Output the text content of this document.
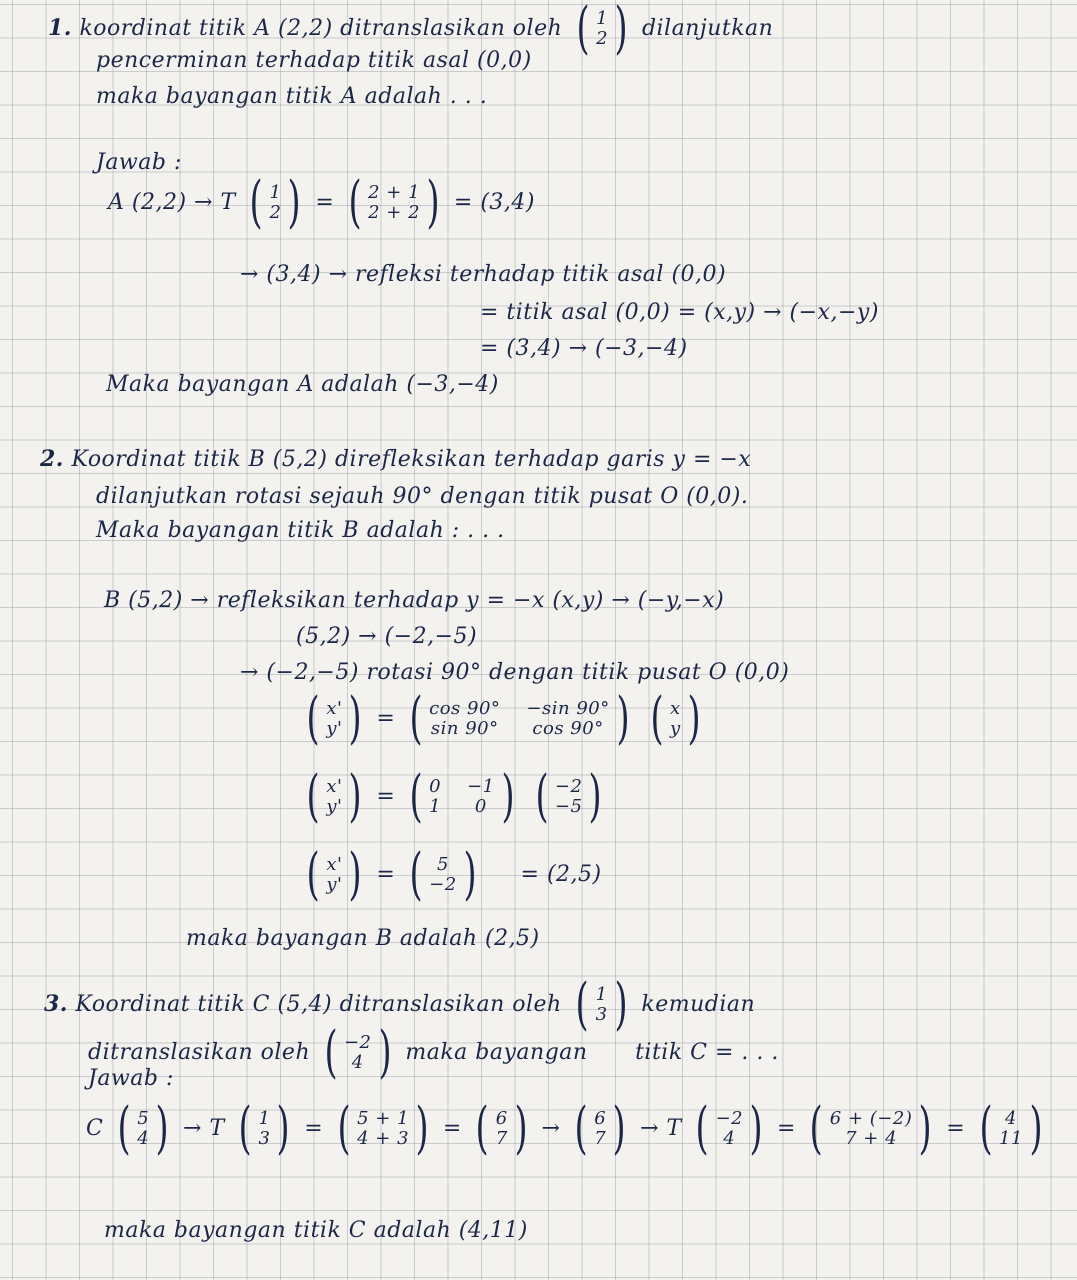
1. koordinat titik A (2,2) ditranslasikan oleh ( 1
2 ) dilanjutkan
pencerminan terhadap titik asal (0,0)
maka bayangan titik A adalah . . .
Jawab :
A (2,2) → T ( 1
2 ) = ( 2 + 1
2 + 2 ) = (3,4)
→ (3,4) → refleksi terhadap titik asal (0,0)
= titik asal (0,0) = (x,y) → (−x,−y)
= (3,4) → (−3,−4)
Maka bayangan A adalah (−3,−4)
2. Koordinat titik B (5,2) direfleksikan terhadap garis y = −x
dilanjutkan rotasi sejauh 90° dengan titik pusat O (0,0).
Maka bayangan titik B adalah : . . .
B (5,2) → refleksikan terhadap y = −x (x,y) → (−y,−x)
(5,2) → (−2,−5)
→ (−2,−5) rotasi 90° dengan titik pusat O (0,0)
( x'
y' ) = ( cos 90° −sin 90°
sin 90°	cos 90° )
( x
y )
( x'
y' ) = ( 0 −1
1	0 )
( −2
−5 )
( x'
y' ) = ( 5
−2 ) = (2,5)
maka bayangan B adalah (2,5)
3. Koordinat titik C (5,4) ditranslasikan oleh ( 1
3 ) kemudian
ditranslasikan oleh ( −2
4 ) maka bayangan titik C = . . .
Jawab :
C ( 5
4 ) → T ( 1
3 ) = ( 5 + 1
4 + 3 ) = ( 6
7 ) → ( 6
7 ) → T ( −2
4 ) = ( 6 + (−2)
7 + 4 ) = ( 4
11 )
maka bayangan titik C adalah (4,11)
